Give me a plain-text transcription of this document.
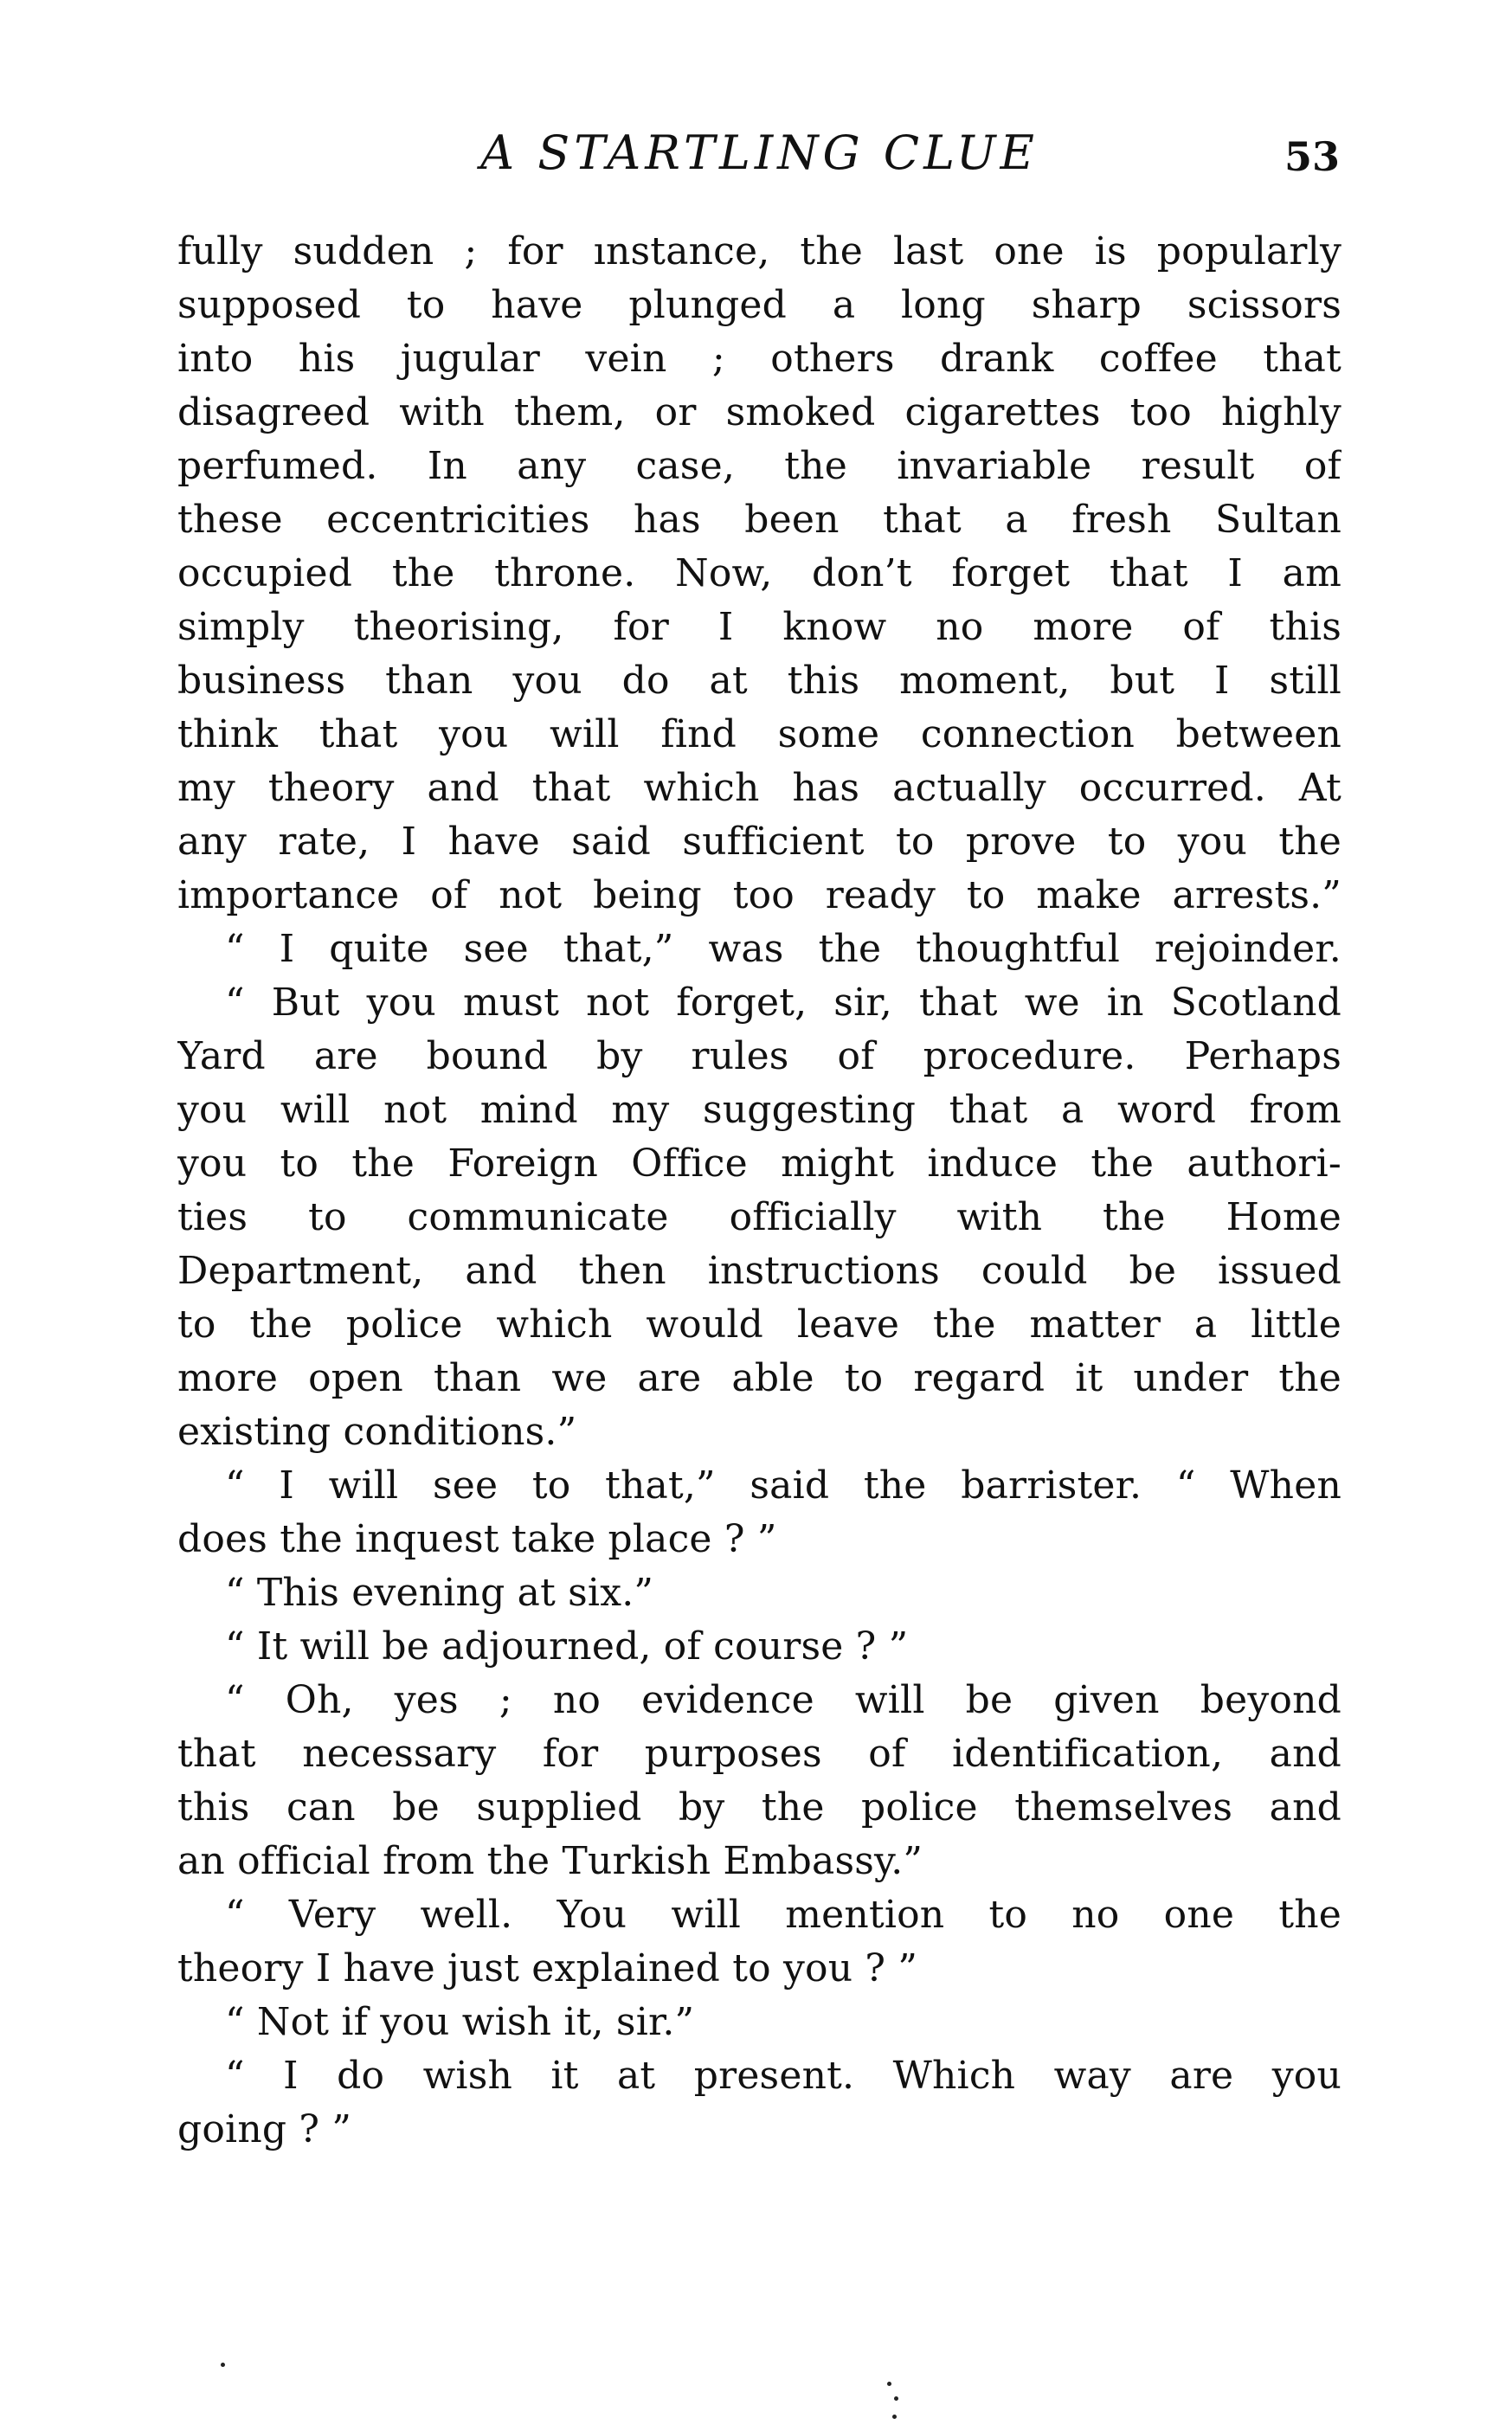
A STARTLING CLUE	53
fully sudden ; for ınstance, the last one is popularly
supposed to have plunged a long sharp scissors
into his jugular vein ; others drank coffee that
disagreed with them, or smoked cigarettes too highly
perfumed. In any case, the invariable result of
these eccentricities has been that a fresh Sultan
occupied the throne. Now, don’t forget that I am
simply theorising, for I know no more of this
business than you do at this moment, but I still
think that you will find some connection between
my theory and that which has actually occurred. At
any rate, I have said sufficient to prove to you the
importance of not being too ready to make arrests.”
“ I quite see that,” was the thoughtful rejoinder.
“ But you must not forget, sir, that we in Scotland
Yard are bound by rules of procedure. Perhaps
you will not mind my suggesting that a word from
you to the Foreign Office might induce the authori-
ties to communicate officially with the Home
Department, and then instructions could be issued
to the police which would leave the matter a little
more open than we are able to regard it under the
existing conditions.”
“ I will see to that,” said the barrister. “ When
does the inquest take place ? ”
“ This evening at six.”
“ It will be adjourned, of course ? ”
“ Oh, yes ; no evidence will be given beyond
that necessary for purposes of identification, and
this can be supplied by the police themselves and
an official from the Turkish Embassy.”
“ Very well. You will mention to no one the
theory I have just explained to you ? ”
“ Not if you wish it, sir.”
“ I do wish it at present. Which way are you
going ? ”
